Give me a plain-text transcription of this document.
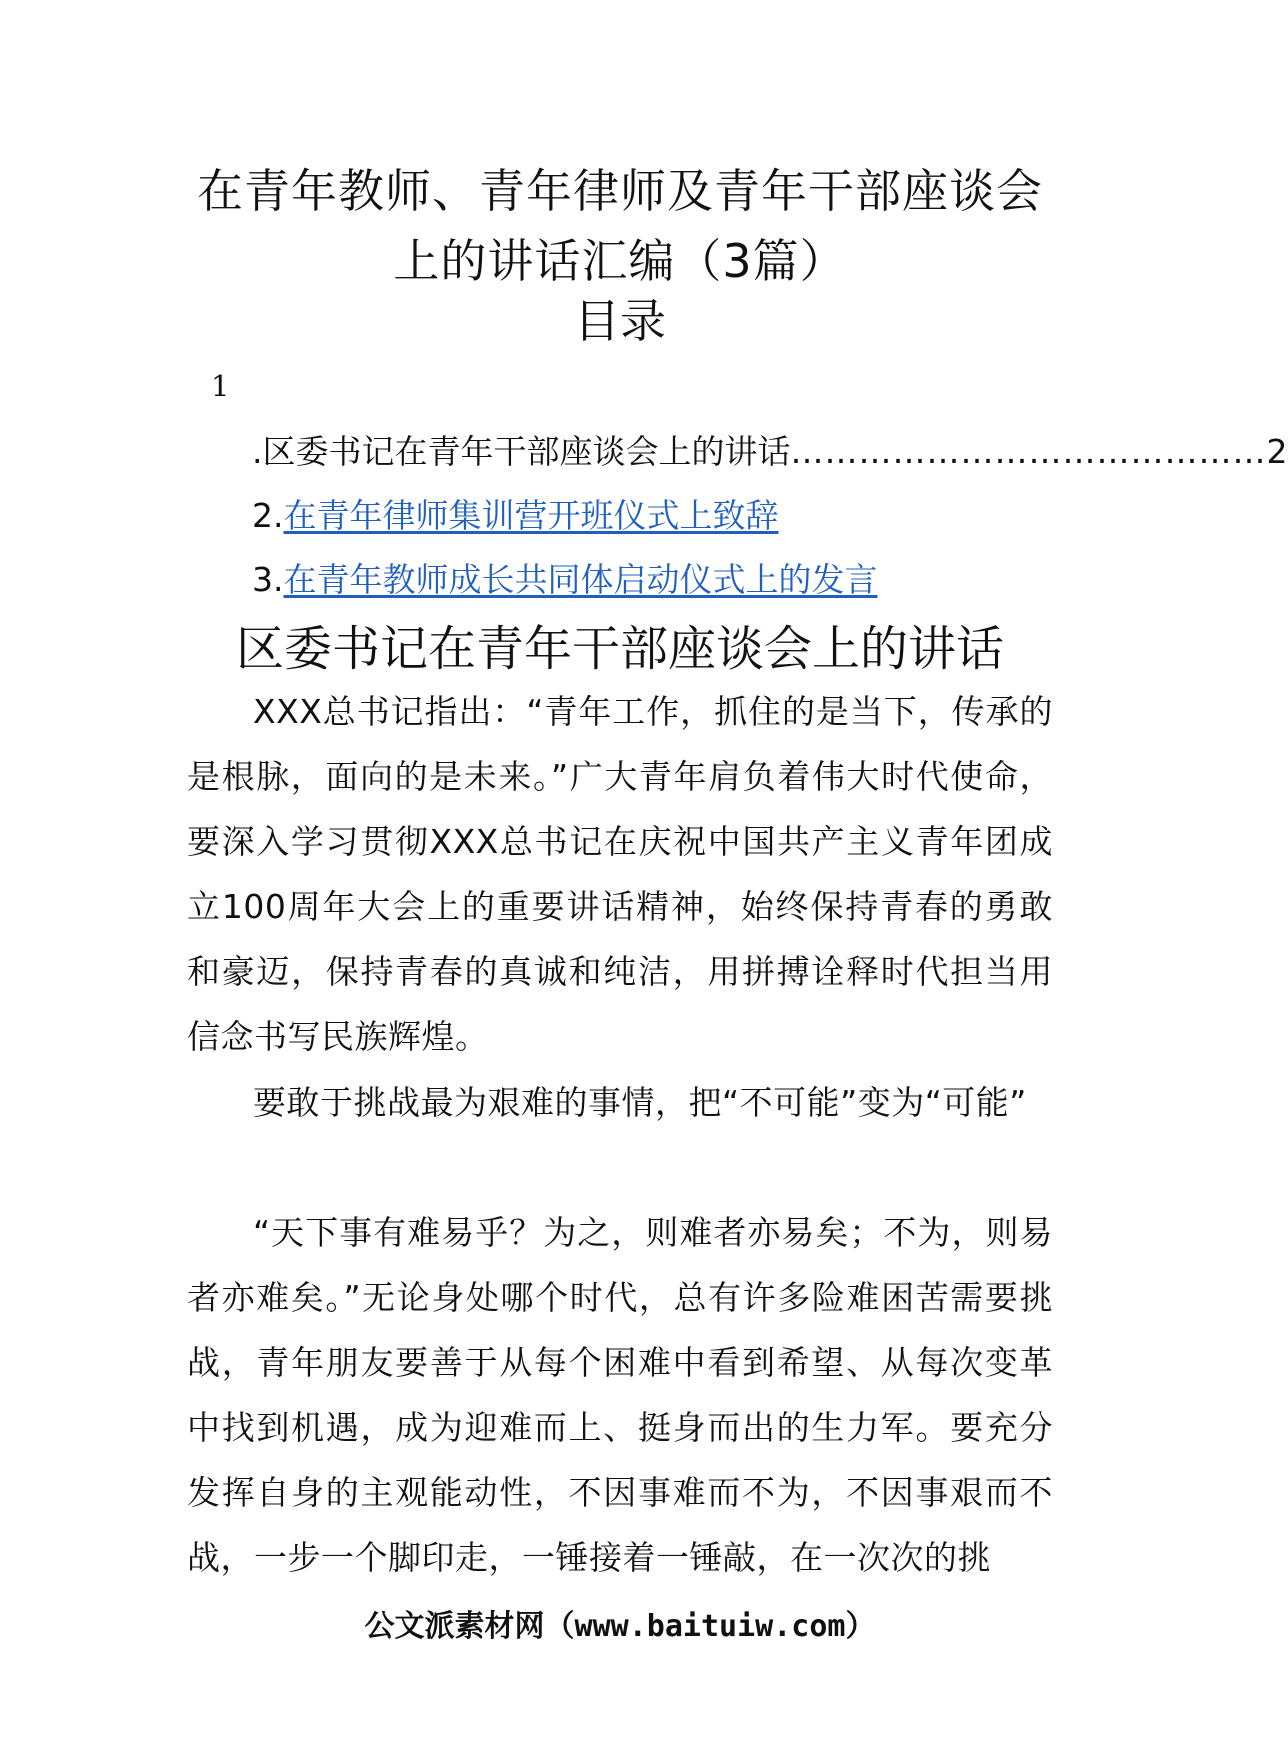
在青年教师、青年律师及青年干部座谈会
上的讲话汇编（3篇）
目录
1
.区委书记在青年干部座谈会上的讲话 …………………………………… 2
2.在青年律师集训营开班仪式上致辞
3.在青年教师成长共同体启动仪式上的发言
区委书记在青年干部座谈会上的讲话

XXX总书记指出：“青年工作，抓住的是当下，传承的是根脉，面向的是未来。”广大青年肩负着伟大时代使命，要深入学习贯彻XXX总书记在庆祝中国共产主义青年团成立100周年大会上的重要讲话精神，始终保持青春的勇敢和豪迈，保持青春的真诚和纯洁，用拼搏诠释时代担当用信念书写民族辉煌。

要敢于挑战最为艰难的事情，把“不可能”变为“可能”

“天下事有难易乎？为之，则难者亦易矣；不为，则易者亦难矣。”无论身处哪个时代，总有许多险难困苦需要挑战，青年朋友要善于从每个困难中看到希望、从每次变革中找到机遇，成为迎难而上、挺身而出的生力军。要充分发挥自身的主观能动性，不因事难而不为，不因事艰而不战，一步一个脚印走，一锤接着一锤敲，在一次次的挑

公文派素材网（www.baituiw.com）
